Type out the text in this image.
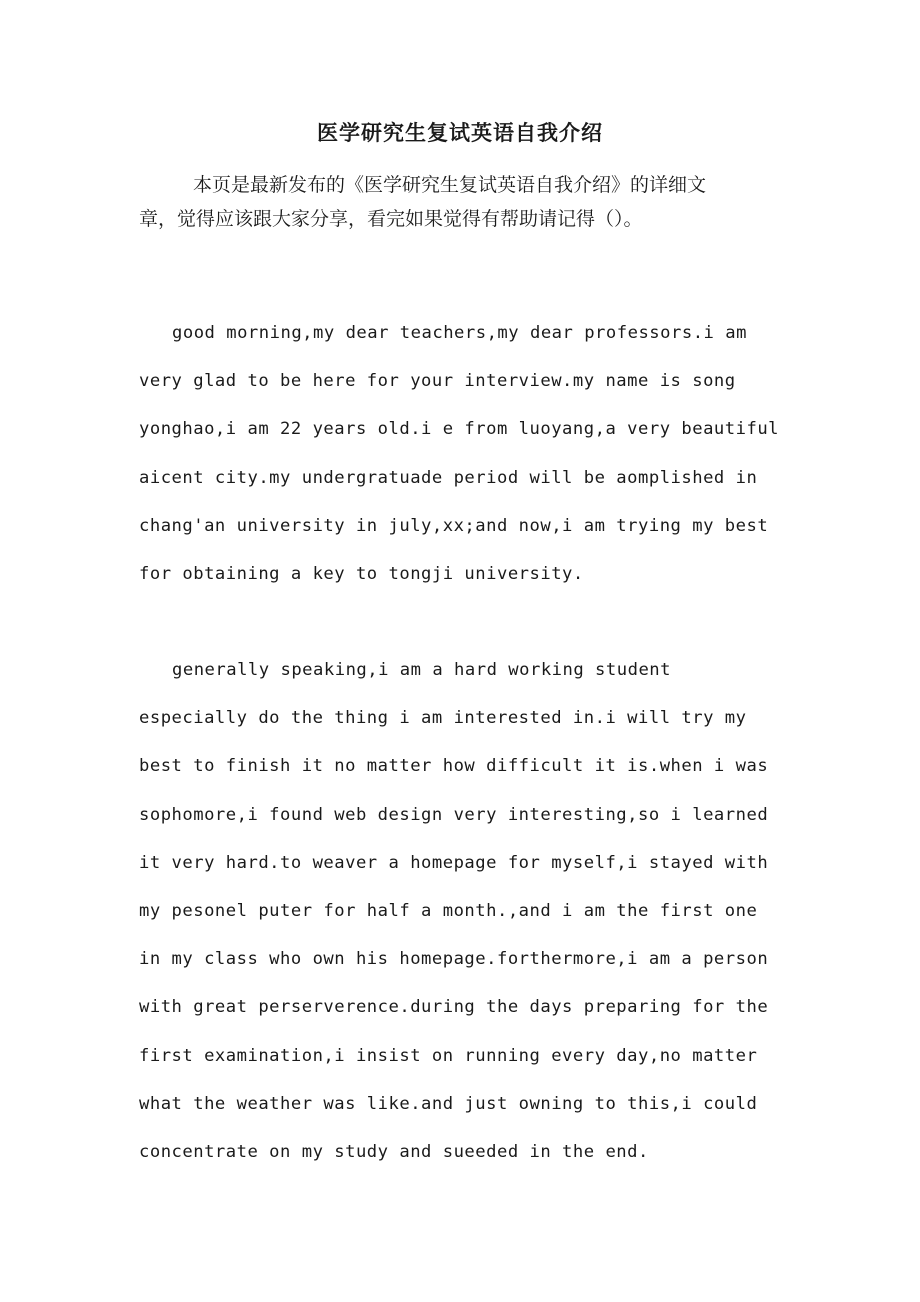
医学研究生复试英语自我介绍

本页是最新发布的《医学研究生复试英语自我介绍》的详细文

章，觉得应该跟大家分享，看完如果觉得有帮助请记得（）。

good morning,my dear teachers,my dear professors.i am

very glad to be here for your interview.my name is song

yonghao,i am 22 years old.i e from luoyang,a very beautiful

aicent city.my undergratuade period will be aomplished in

chang'an university in july,xx;and now,i am trying my best

for obtaining a key to tongji university.

generally speaking,i am a hard working student

especially do the thing i am interested in.i will try my

best to finish it no matter how difficult it is.when i was

sophomore,i found web design very interesting,so i learned

it very hard.to weaver a homepage for myself,i stayed with

my pesonel puter for half a month.,and i am the first one

in my class who own his homepage.forthermore,i am a person

with great perserverence.during the days preparing for the

first examination,i insist on running every day,no matter

what the weather was like.and just owning to this,i could

concentrate on my study and sueeded in the end.
